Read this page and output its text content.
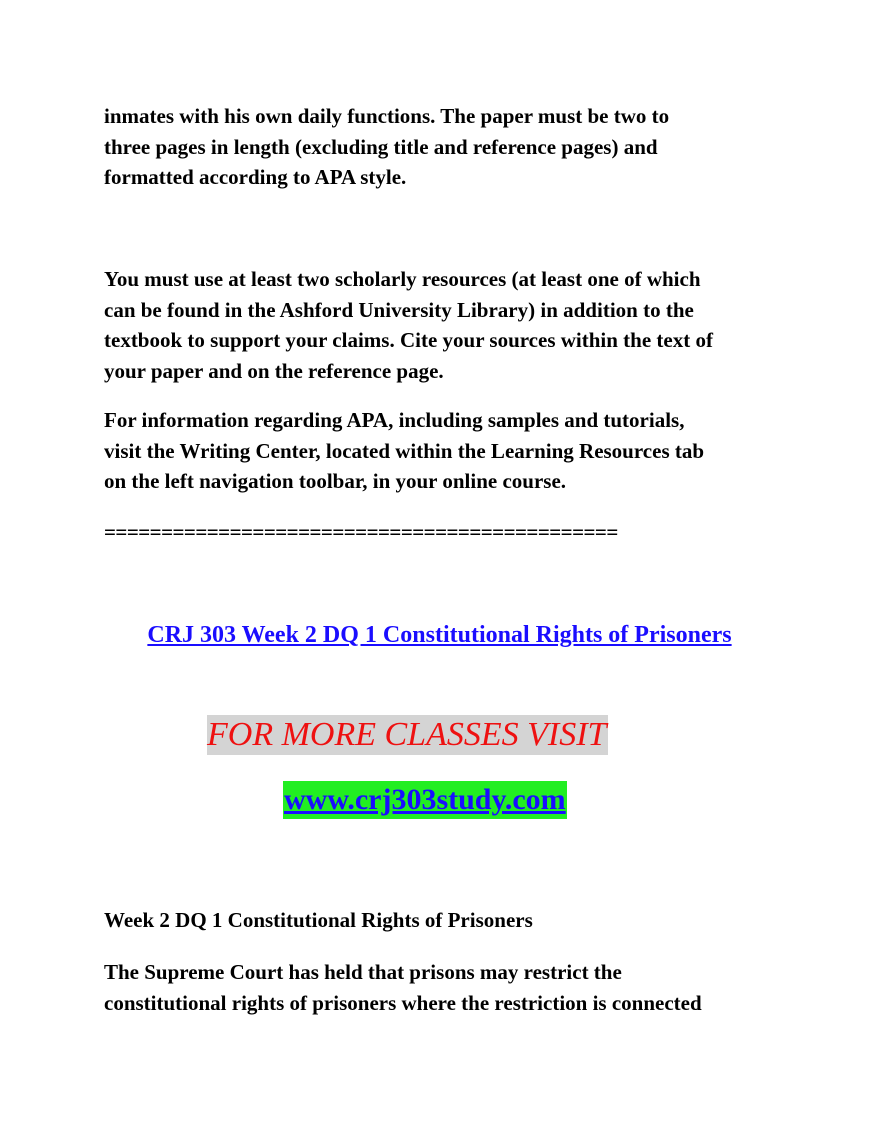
inmates with his own daily functions. The paper must be two to
three pages in length (excluding title and reference pages) and
formatted according to APA style.

You must use at least two scholarly resources (at least one of which
can be found in the Ashford University Library) in addition to the
textbook to support your claims. Cite your sources within the text of
your paper and on the reference page.

For information regarding APA, including samples and tutorials,
visit the Writing Center, located within the Learning Resources tab
on the left navigation toolbar, in your online course.

=============================================
CRJ 303 Week 2 DQ 1 Constitutional Rights of Prisoners
FOR MORE CLASSES VISIT
www.crj303study.com
Week 2 DQ 1 Constitutional Rights of Prisoners

The Supreme Court has held that prisons may restrict the
constitutional rights of prisoners where the restriction is connected
